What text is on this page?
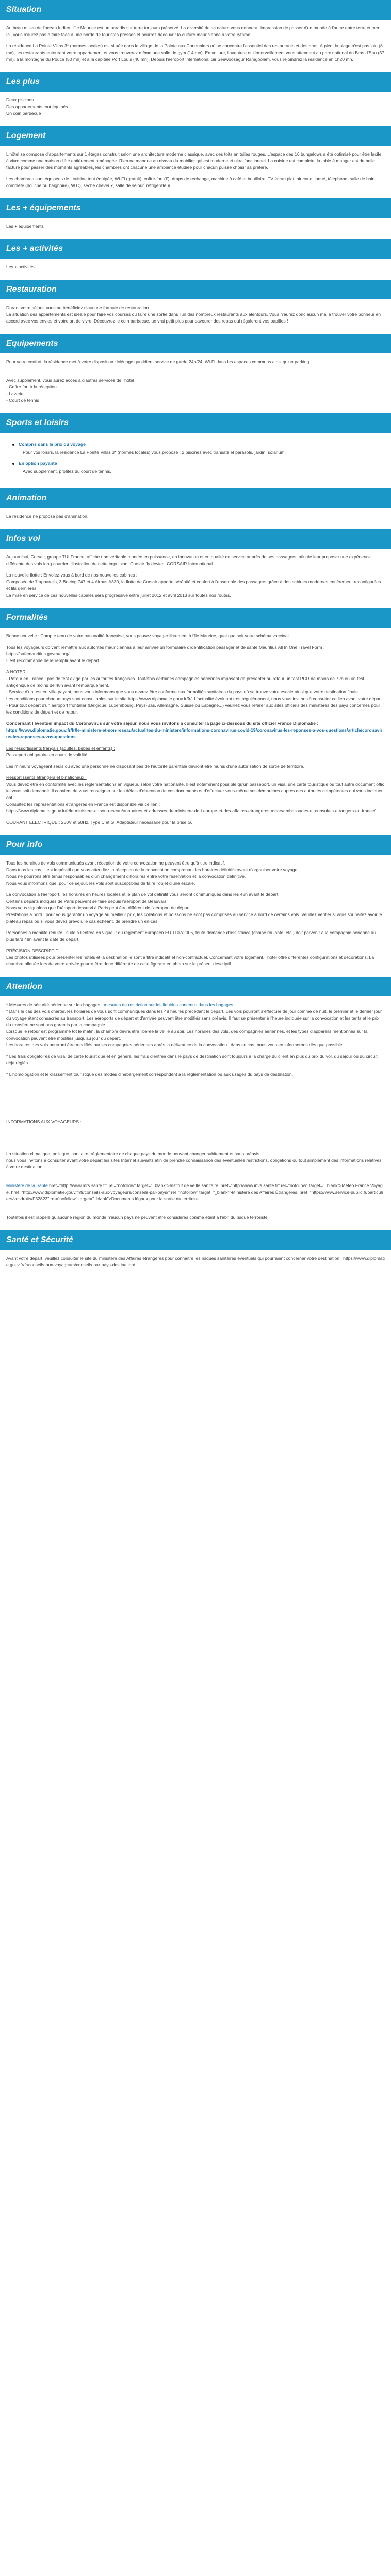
Situation

Au beau milieu de l'océan Indien, l'île Maurice est un paradis sur terre toujours préservé. La diversité de sa nature vous donnera l'impression de passer d'un monde à l'autre entre terre et mer. Ici, vous n'aurez pas à faire face à une horde de touristes pressés et pourrez découvrir la culture mauricienne à votre rythme.

La résidence La Pointe Villas 3* (normes locales) est située dans le village de la Pointe aux Canonniers où se concentre l'essentiel des restaurants et des bars. À pied, la plage n'est pas loin (8 mn), les restaurants entourent votre appartement et vous trouverez même une salle de gym (14 mn). En voiture, l'aventure et l'émerveillement vous attendent au parc national du Bras d'Eau (37 mn), à la montagne du Pouce (50 mn) et à la capitale Port Louis (40 mn). Depuis l'aéroport international Sir Seewoosagur Ramgoolam, vous rejoindrez la résidence en 1h20 mn.

Les plus
Deux piscines
Des appartements tout équipés
Un coin barbecue
Logement

L'hôtel se compose d'appartements sur 1 étages construit selon une architecture moderne classique, avec des toits en tuiles rouges. L'espace des 16 bungalows a été optimisé pour être facile à vivre comme une maison d'été entièrement aménagée. Rien ne manque au niveau du mobilier qui est moderne et ultra fonctionnel. La cuisine est complète, la table à manger est de belle facture pour passer des moments agréables, les chambres ont chacune une ambiance étudiée pour chacun puisse choisir sa préfère.

Les chambres sont équipées de : cuisine tout équipée, Wi-Fi (gratuit), coffre-fort (€), draps de rechange, machine à café et bouilloire, TV écran plat, air conditionné, téléphone, salle de bain complète (douche ou baignoire), W.C), sèche cheveux, salle de séjour, réfrigérateur.

Les + équipements

Les + équipements

Les + activités

Les + activités

Restauration

Durant votre séjour, vous ne bénéficiez d'aucune formule de restauration.

La situation des appartements est idéale pour faire vos courses ou faire une sortie dans l'un des nombreux restaurants aux alentours. Vous n'aurez donc aucun mal à trouver votre bonheur en accord avec vos envies et votre art de vivre. Découvrez le coin barbecue, un vrai petit plus pour savourer des repas qui régaleront vos papilles !

Equipements

Pour votre confort, la résidence met à votre disposition : Ménage quotidien, service de garde 24h/24, Wi-Fi dans les espaces communs ainsi qu'un parking.

Avec supplément, vous aurez accès à d'autres services de l'hôtel :

- Coffre-fort à la réception
- Laverie
- Court de tennis

Sports et loisirs
Compris dans le prix du voyage
Pour vos loisirs, la résidence La Pointe Villas 3* (normes locales) vous propose : 2 piscines avec transats et parasols, jardin, solarium.
En option payante
Avec supplément, profitez du court de tennis.
Animation

La résidence ne propose pas d'animation.

Infos vol

Aujourd'hui, Corsair, groupe TUI France, affiche une véritable montée en puissance, en innovation et en qualité de service auprès de ses passagers, afin de leur proposer une expérience différente des vols long-courrier. Illustration de cette impulsion, Corsair fly devient CORSAIR International.

La nouvelle flotte : Envolez-vous à bord de nos nouvelles cabines :
Composée de 7 appareils, 3 Boeing 747 et 4 Airbus A330, la flotte de Corsair apporte sérénité et confort à l'ensemble des passagers grâce à des cabines modernes entièrement reconfigurées et lits dernières.
La mise en service de ces nouvelles cabines sera progressive entre juillet 2012 et avril 2013 sur toutes nos routes.

Formalités

Bonne nouvelle : Compte tenu de votre nationalité française, vous pouvez voyager librement à l'île Maurice, quel que soit votre schéma vaccinal.

Tous les voyageurs doivent remettre aux autorités mauriciennes à leur arrivée un formulaire d'identification passager et de santé Mauritius All In One Travel Form : https://safemauritius.govmu.org/
Il est recommandé de le remplir avant le départ.

A NOTER
- Retour en France : pas de test exigé par les autorités françaises. Toutefois certaines compagnies aériennes imposent de présenter au retour un test PCR de moins de 72h ou un test antigénique de moins de 48h avant l'embarquement.
- Service d'un test en ville payant, nous vous informons que vous devrez être conforme aux formalités sanitaires du pays où se trouve votre escale ainsi que votre destination finale.
Les conditions pour chaque pays sont consultables sur le site https://www.diplomatie.gouv.fr/fr/. L'actualité évoluant très régulièrement, nous vous invitons à consulter ce lien avant votre départ.
- Pour tout départ d'un aéroport frontalier (Belgique, Luxembourg, Pays-Bas, Allemagne, Suisse ou Espagne...) veuillez vous référer aux sites officiels des ministères des pays concernés pour les conditions de départ et de retour.

Concernant l'éventuel impact du Coronavirus sur votre séjour, nous vous invitons à consulter la page ci-dessous du site officiel France Diplomatie :

https://www.diplomatie.gouv.fr/fr/le-ministere-et-son-reseau/actualites-du-ministere/informations-coronavirus-covid-19/coronavirus-les-reponses-a-vos-questions/article/coronavirus-les-reponses-a-vos-questions

Les ressortissants français (adultes, bébés et enfants) :

Passeport obligatoire en cours de validité.

Les mineurs voyageant seuls ou avec une personne ne disposant pas de l'autorité parentale devront être munis d'une autorisation de sortie de territoire.

Ressortissants étrangers et binationaux :

Vous devez être en conformité avec les réglementations en vigueur, selon votre nationalité. Il est notamment possible qu'un passeport, un visa, une carte touristique ou tout autre document officiel vous soit demandé. Il convient de vous renseigner sur les délais d'obtention de ces documents et d'effectuer vous-même ses démarches auprès des autorités compétentes qui vous indiqueront.
Consultez les représentations étrangères en France est disponible via ce lien :
https://www.diplomatie.gouv.fr/fr/le-ministere-et-son-reseau/annuaires-et-adresses-du-ministere-de-l-europe-et-des-affaires-etrangeres-meae/ambassades-et-consulats-etrangers-en-france/

COURANT ELECTRIQUE : 230V et 50Hz. Type C et G. Adaptateur nécessaire pour la prise G.

Pour info

Tous les horaires de vols communiqués avant réception de votre convocation ne peuvent être qu'à titre indicatif.
Dans tous les cas, il est impératif que vous attendiez la réception de la convocation comprenant les horaires définitifs avant d'organiser votre voyage.
Nous ne pourrons être tenus responsables d'un changement d'horaires entre votre réservation et la convocation définitive.
Nous vous informons que, pour ce séjour, les vols sont susceptibles de faire l'objet d'une escale.

La convocation à l'aéroport, les horaires en heures locales et le plan de vol définitif vous seront communiqués dans les 48h avant le départ.
Certains départs indiqués de Paris peuvent se faire depuis l'aéroport de Beauvais.
Nous vous signalons que l'aéroport desservi à Paris peut être différent de l'aéroport de départ.
Prestations à bord : pour vous garantir un voyage au meilleur prix, les collations et boissons ne sont pas comprises au service à bord de certains vols. Veuillez vérifier si vous souhaitez avoir le plateau repas ou si vous devez prévoir, le cas échéant, de prendre un en-cas.

Personnes à mobilité réduite : suite à l'entrée en vigueur du règlement européen EU 1107/2006, toute demande d'assistance (chaise roulante, etc.) doit parvenir à la compagnie aérienne au plus tard 48h avant la date de départ.

PRÉCISION DESCRIPTIF
Les photos utilisées pour présenter les hôtels et la destination le sont à titre indicatif et non-contractuel. Concernant votre logement, l'hôtel offre différentes configurations et décorations. La chambre allouée lors de votre arrivée pourra être donc différente de celle figurant en photo sur le présent descriptif.

Attention

* Mesures de sécurité aérienne sur les bagages : mesures de restriction sur les liquides contenus dans les bagages

* Dans le cas des vols charter, les horaires de vous sont communiqués dans les 48 heures précédant le départ. Les vols pourront s'effectuer de jour comme de nuit, le premier et le dernier jour du voyage étant consacrés au transport. Les aéroports de départ et d'arrivée peuvent être modifiés sans préavis. Il faut se présenter à l'heure indiquée sur la convocation et les tarifs et le prix du transfert ne sont pas garantis par la compagnie.
Lorsque le retour est programmé tôt le matin, la chambre devra être libérée la veille au soir. Les horaires des vols, des compagnies aériennes, et les types d'appareils mentionnés sur la convocation peuvent être modifiés jusqu'au jour du départ.
Les horaires des vols pourront être modifiés par les compagnies aériennes après la délivrance de la convocation ; dans ce cas, nous vous en informerons dès que possible.

* Les frais obligatoires de visa, de carte touristique et en général les frais d'entrée dans le pays de destination sont toujours à la charge du client en plus du prix du vol, du séjour ou du circuit déjà réglés.

* L'homologation et le classement touristique des modes d'hébergement correspondent à la réglementation ou aux usages du pays de destination.

INFORMATIONS AUX VOYAGEURS :

La situation climatique, politique, sanitaire, réglementaire de chaque pays du monde pouvant changer subitement et sans préavis
nous vous invitons à consulter avant votre départ les sites Internet suivants afin de prendre connaissance des éventuelles restrictions, obligations ou tout simplement des informations relatives à votre destination :

Ministère de la Santé href="http://www.mrs.sante.fr" rel="nofollow" target="_blank">Institut de veille sanitaire, href="http://www.invs.sante.fr" rel="nofollow" target="_blank">Météo France Voyage, href="http://www.diplomatie.gouv.fr/fr/conseils-aux-voyageurs/conseils-par-pays/" rel="nofollow" target="_blank">Ministère des Affaires Étrangères, href="https://www.service-public.fr/particuliers/vosdroits/F32823" rel="nofollow" target="_blank">Documents légaux pour la sortie du territoire.

Toutefois il est rappelé qu'aucune région du monde n'aucun pays ne peuvent être considérés comme étant à l'abri du risque terroriste.

Santé et Sécurité

Avant votre départ, veuillez consulter le site du ministère des Affaires étrangères pour connaître les risques sanitaires éventuels qui pourraient concerner votre destination : https://www.diplomatie.gouv.fr/fr/conseils-aux-voyageurs/conseils-par-pays-destination/
